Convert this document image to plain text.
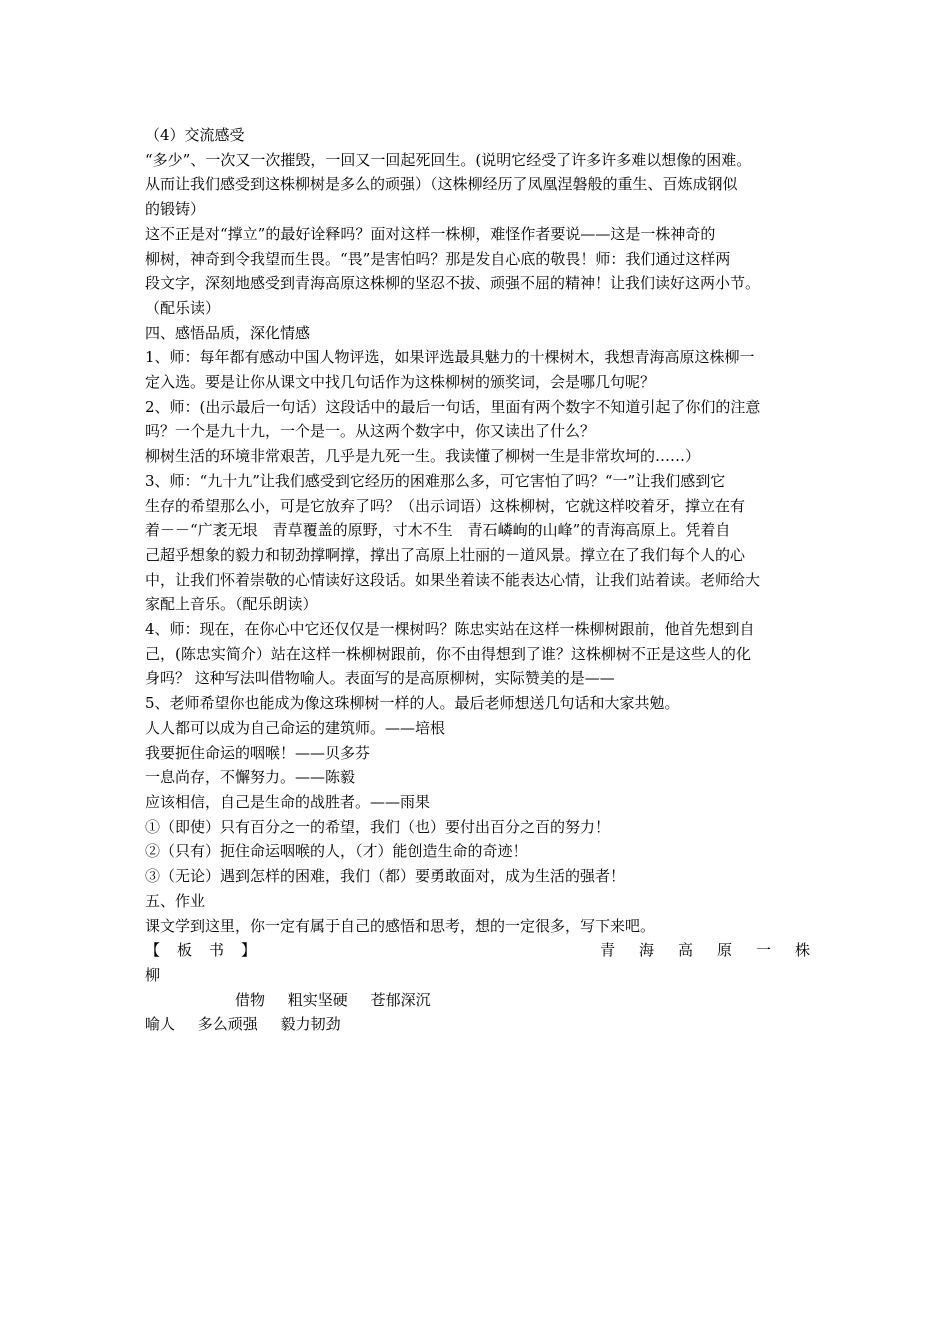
（4）交流感受

“多少”、一次又一次摧毁，一回又一回起死回生。(说明它经受了许多许多难以想像的困难。

从而让我们感受到这株柳树是多么的顽强）（这株柳经历了凤凰涅磐般的重生、百炼成钢似

的锻铸）

这不正是对“撑立”的最好诠释吗？面对这样一株柳，难怪作者要说——这是一株神奇的

柳树，神奇到令我望而生畏。“畏”是害怕吗？那是发自心底的敬畏！师：我们通过这样两

段文字，深刻地感受到青海高原这株柳的坚忍不拔、顽强不屈的精神！让我们读好这两小节。

（配乐读）

四、感悟品质，深化情感

1、师：每年都有感动中国人物评选，如果评选最具魅力的十棵树木，我想青海高原这株柳一

定入选。要是让你从课文中找几句话作为这株柳树的颁奖词，会是哪几句呢？

2、师：(出示最后一句话）这段话中的最后一句话，里面有两个数字不知道引起了你们的注意

吗？一个是九十九，一个是一。从这两个数字中，你又读出了什么？

柳树生活的环境非常艰苦，几乎是九死一生。我读懂了柳树一生是非常坎坷的……）

3、师：“九十九”让我们感受到它经历的困难那么多，可它害怕了吗？“一”让我们感到它

生存的希望那么小，可是它放弃了吗？（出示词语）这株柳树，它就这样咬着牙，撑立在有

着－－“广袤无垠　青草覆盖的原野，寸木不生　青石嶙峋的山峰”的青海高原上。凭着自

己超乎想象的毅力和韧劲撑啊撑，撑出了高原上壮丽的－道风景。撑立在了我们每个人的心

中，让我们怀着崇敬的心情读好这段话。如果坐着读不能表达心情，让我们站着读。老师给大

家配上音乐。（配乐朗读）

4、师：现在，在你心中它还仅仅是一棵树吗？陈忠实站在这样一株柳树跟前，他首先想到自

己，(陈忠实简介）站在这样一株柳树跟前，你不由得想到了谁？这株柳树不正是这些人的化

身吗？ 这种写法叫借物喻人。表面写的是高原柳树，实际赞美的是——

5、老师希望你也能成为像这珠柳树一样的人。最后老师想送几句话和大家共勉。

人人都可以成为自己命运的建筑师。——培根

我要扼住命运的咽喉！——贝多芬

一息尚存，不懈努力。——陈毅

应该相信，自己是生命的战胜者。——雨果

①（即使）只有百分之一的希望，我们（也）要付出百分之百的努力！

②（只有）扼住命运咽喉的人，（才）能创造生命的奇迹！

③（无论）遇到怎样的困难，我们（都）要勇敢面对，成为生活的强者！

五、作业

课文学到这里，你一定有属于自己的感悟和思考，想的一定很多，写下来吧。

【板书】	青海高原一株

柳

借物 粗实坚硬 苍郁深沉

喻人 多么顽强 毅力韧劲
